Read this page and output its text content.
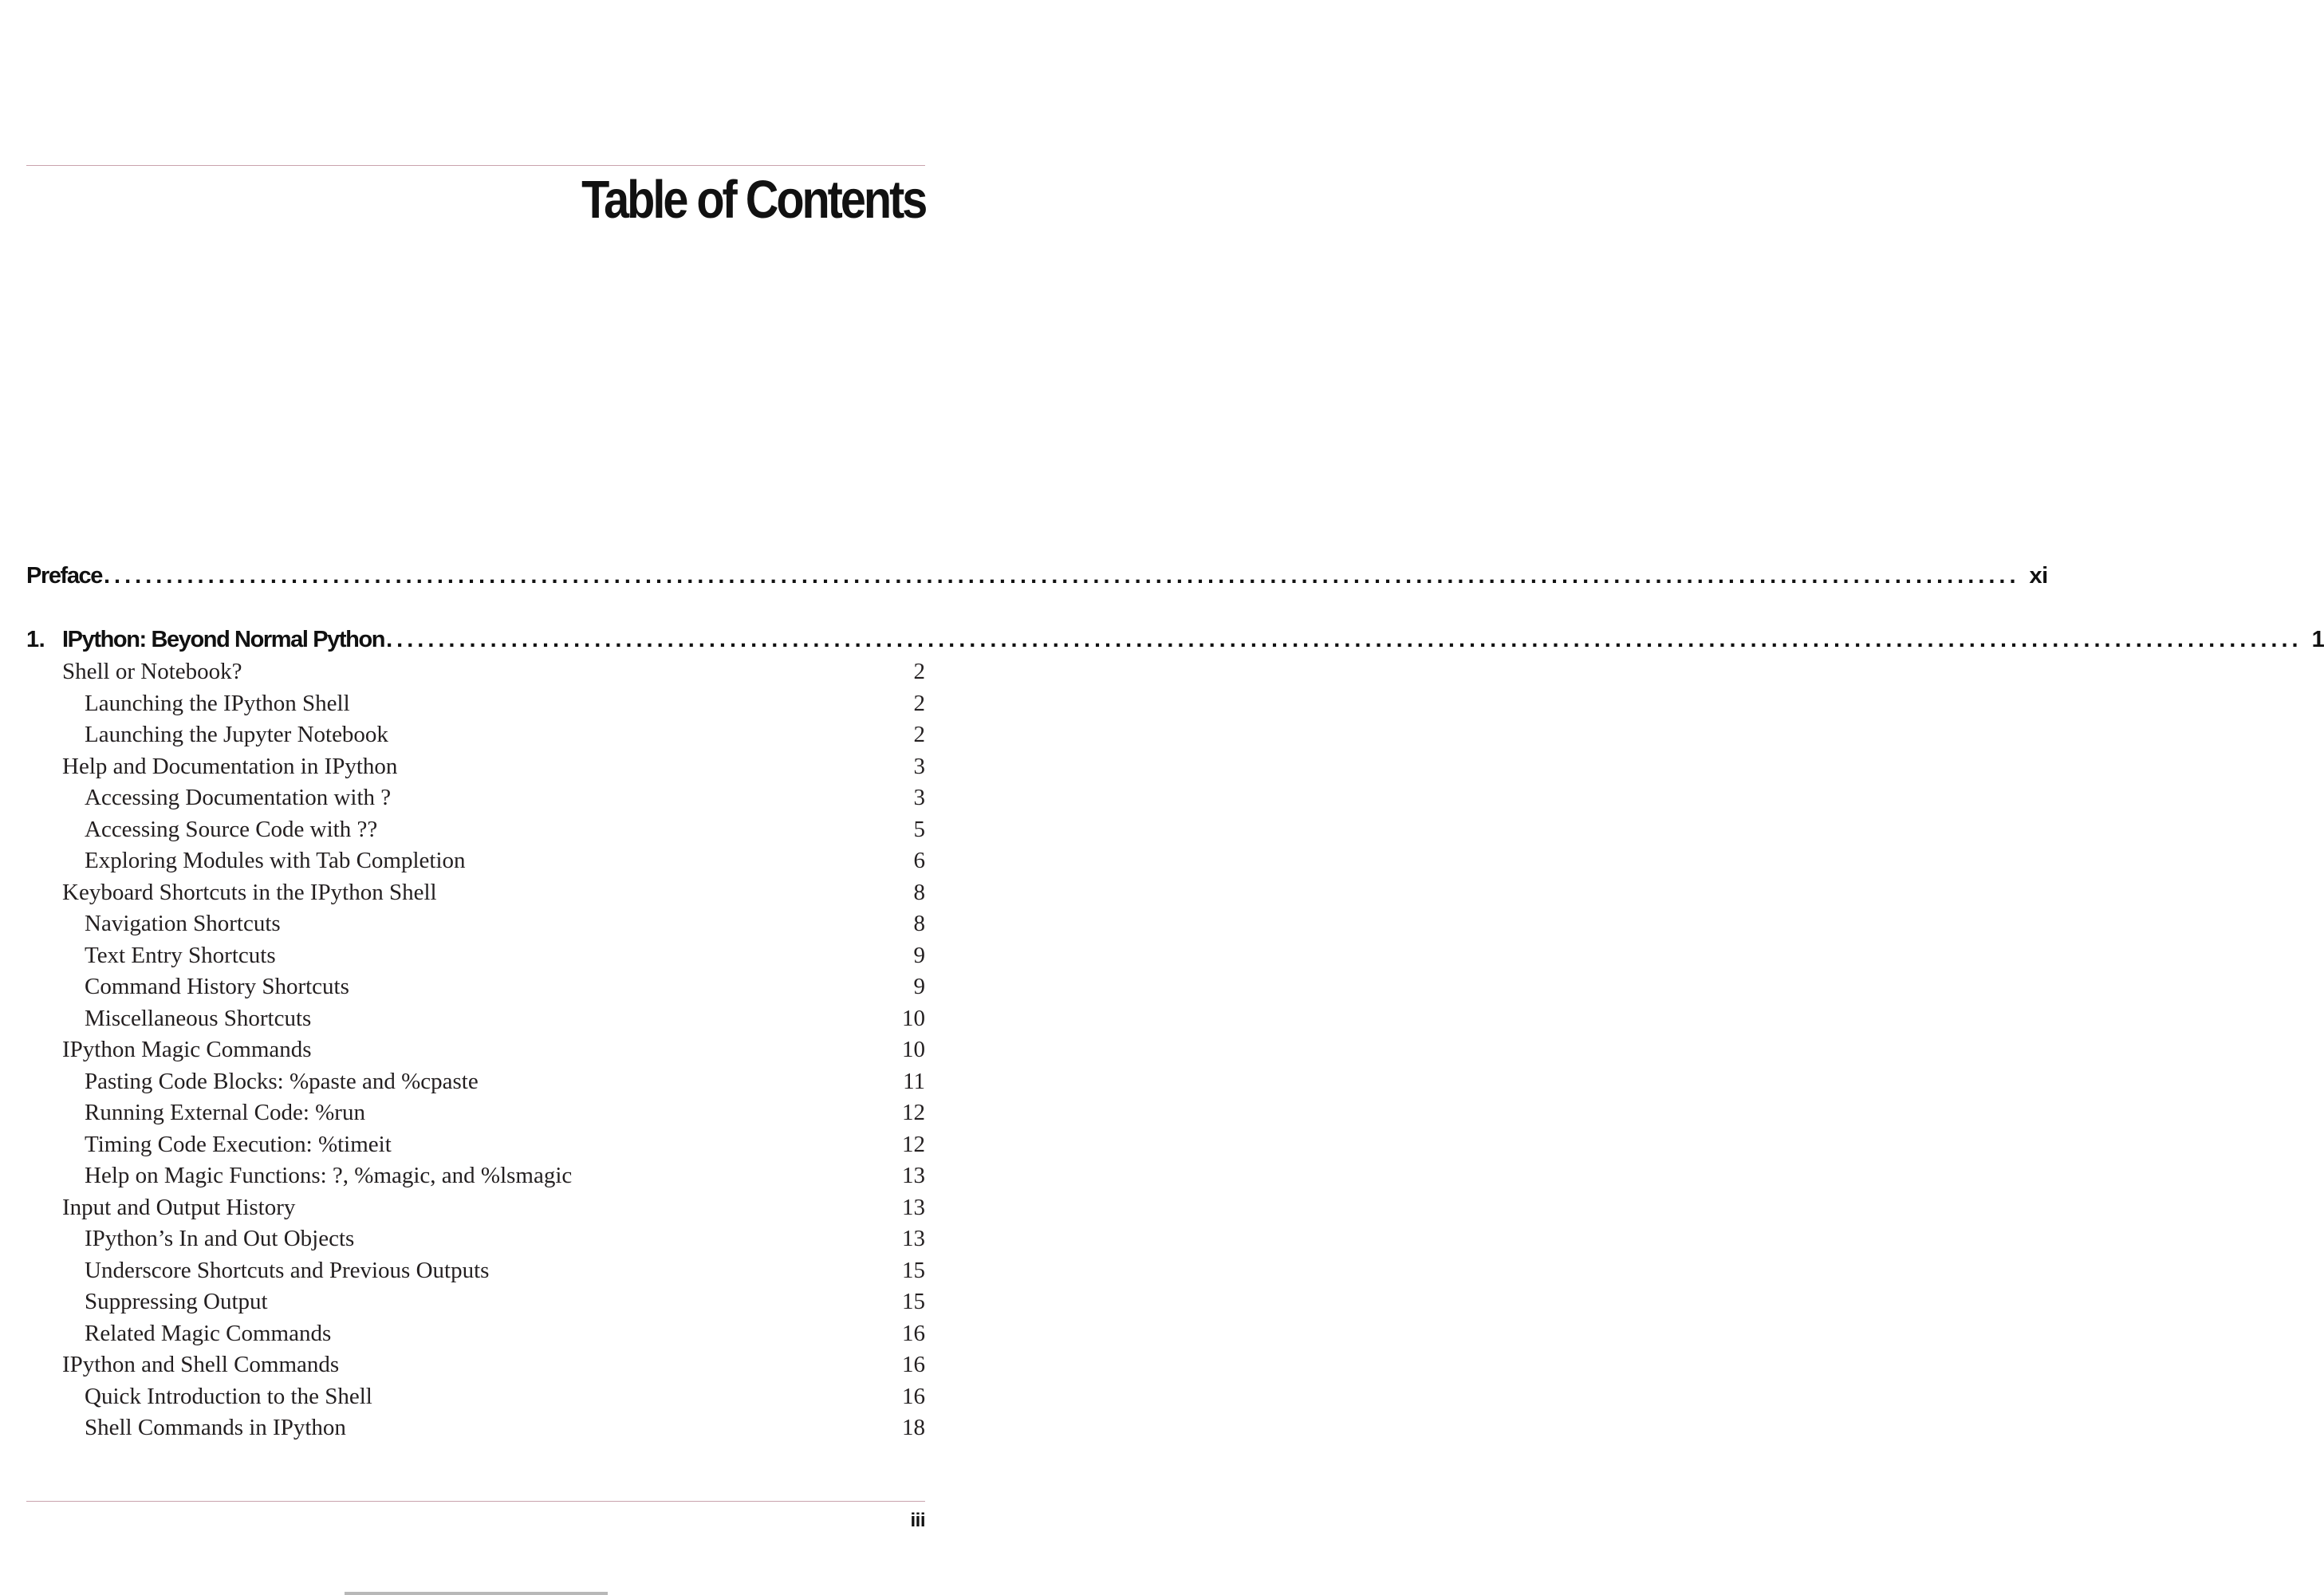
Table of Contents
Preface ........................................................................................................................................................................................ xi
1. IPython: Beyond Normal Python ........................................................................................................................................................................................ 1
Shell or Notebook?	2
Launching the IPython Shell	2
Launching the Jupyter Notebook	2
Help and Documentation in IPython	3
Accessing Documentation with ?	3
Accessing Source Code with ??	5
Exploring Modules with Tab Completion	6
Keyboard Shortcuts in the IPython Shell	8
Navigation Shortcuts	8
Text Entry Shortcuts	9
Command History Shortcuts	9
Miscellaneous Shortcuts	10
IPython Magic Commands	10
Pasting Code Blocks: %paste and %cpaste	11
Running External Code: %run	12
Timing Code Execution: %timeit	12
Help on Magic Functions: ?, %magic, and %lsmagic	13
Input and Output History	13
IPython’s In and Out Objects	13
Underscore Shortcuts and Previous Outputs	15
Suppressing Output	15
Related Magic Commands	16
IPython and Shell Commands	16
Quick Introduction to the Shell	16
Shell Commands in IPython	18
iii
